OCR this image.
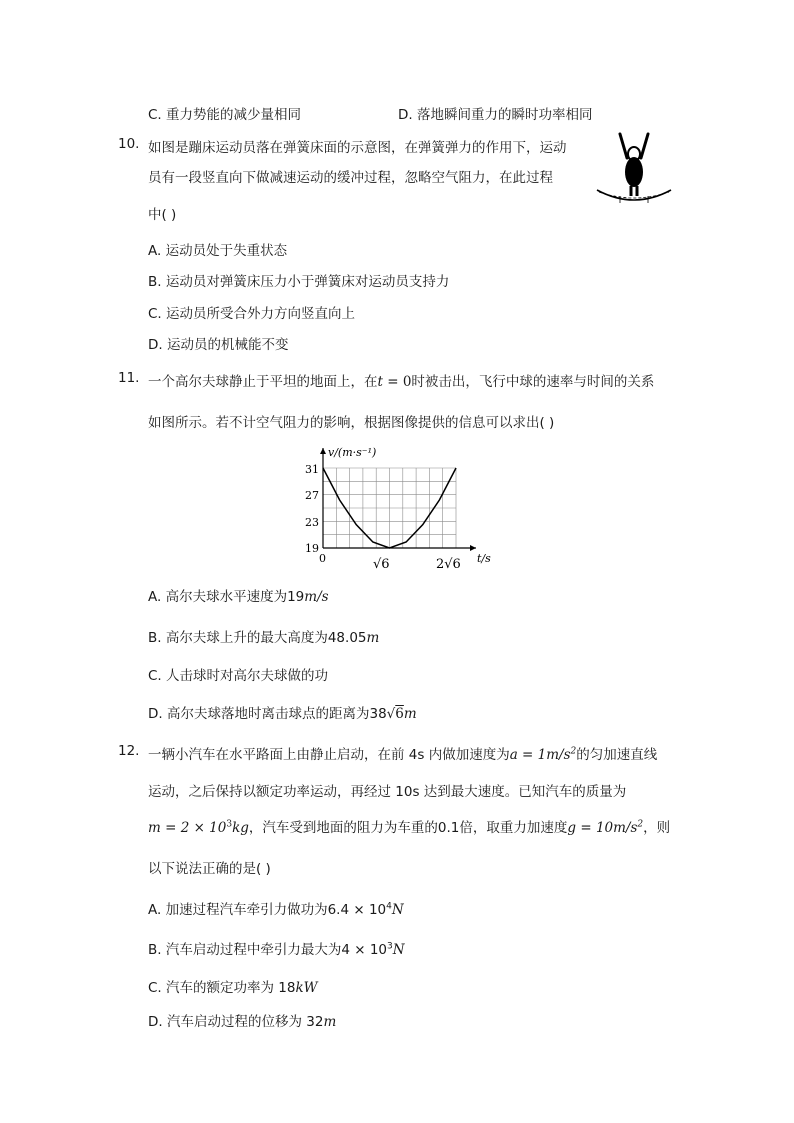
C. 重力势能的减少量相同	D. 落地瞬间重力的瞬时功率相同
10. 如图是蹦床运动员落在弹簧床面的示意图，在弹簧弹力的作用下，运动
员有一段竖直向下做减速运动的缓冲过程，忽略空气阻力，在此过程
中( )
A. 运动员处于失重状态
B. 运动员对弹簧床压力小于弹簧床对运动员支持力
C. 运动员所受合外力方向竖直向上
D. 运动员的机械能不变
11. 一个高尔夫球静止于平坦的地面上，在t = 0时被击出，飞行中球的速率与时间的关系
如图所示。若不计空气阻力的影响，根据图像提供的信息可以求出( )
v/(m·s⁻¹)
t/s
31
27
23
19
0	√6	2√6
A. 高尔夫球水平速度为19m/s
B. 高尔夫球上升的最大高度为48.05m
C. 人击球时对高尔夫球做的功
D. 高尔夫球落地时离击球点的距离为38√6m
12. 一辆小汽车在水平路面上由静止启动，在前 4s 内做加速度为$a = 1m/s^2$的匀加速直线
运动，之后保持以额定功率运动，再经过 10s 达到最大速度。已知汽车的质量为
$m = 2 \times 10^3kg$，汽车受到地面的阻力为车重的0.1倍，取重力加速度$g = 10m/s^2$，则
以下说法正确的是( )
A. 加速过程汽车牵引力做功为$6.4 \times 10^4N$
B. 汽车启动过程中牵引力最大为$4 \times 10^3N$
C. 汽车的额定功率为 18kW
D. 汽车启动过程的位移为 32m
